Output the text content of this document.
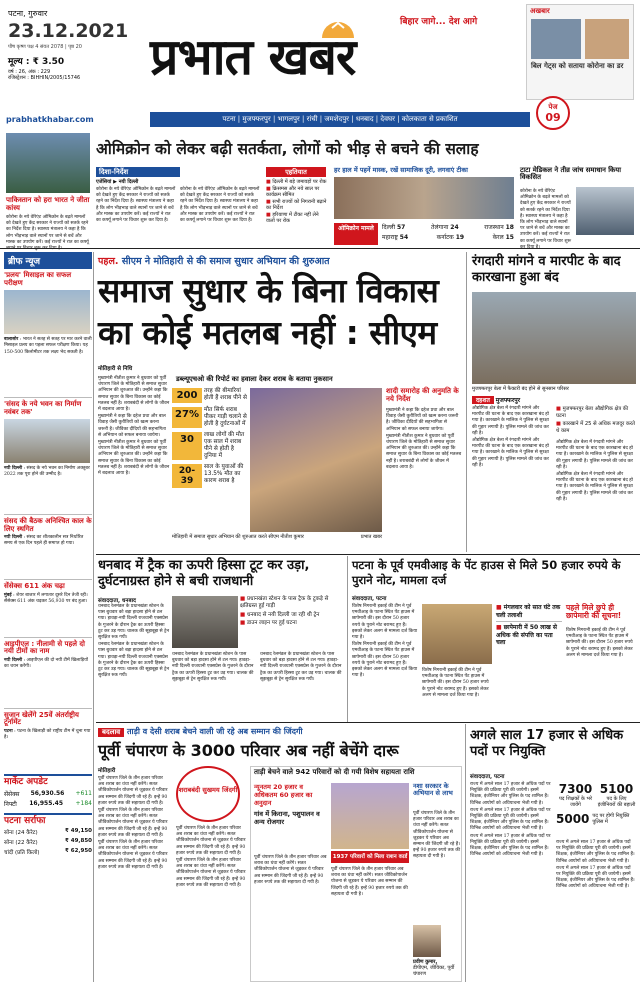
पटना, गुरुवार
23.12.2021
पौष कृष्ण पक्ष 4 संवत 2078 | पृष्ठ 20
मूल्य : ₹ 3.50
वर्ष : 26, अंक : 229
रजिस्ट्रेशन : BIHHIN/2005/15746
बिहार जागे... देश आगे
प्रभात खबर
पेज
09
अखबार
बिल गेट्स को सताया कोरोना का डर
prabhatkhabar.com	पटना | मुजफ्फरपुर | भागलपुर | रांची | जमशेदपुर | धनबाद | देवघर | कोलकाता से प्रकाशित
ओमिक्रोन को लेकर बढ़ी सतर्कता, लोगों को भीड़ से बचने की सलाह
पाकिस्तान को हरा भारत ने जीता कांस्य
कोरोना के नये वेरिएंट ओमिक्रोन के बढ़ते मामलों को देखते हुए केंद्र सरकार ने राज्यों को सतर्क रहने का निर्देश दिया है। स्वास्थ्य मंत्रालय ने कहा है कि लोग भीड़भाड़ वाले स्थानों पर जाने से बचें और मास्क का उपयोग करें। कई राज्यों ने रात का कर्फ्यू
दिशा-निर्देश
एजेंसियां ▶ नयी दिल्ली
कोरोना के नये वेरिएंट ओमिक्रोन के बढ़ते मामलों को देखते हुए केंद्र सरकार ने राज्यों को सतर्क रहने का निर्देश दिया है। स्वास्थ्य मंत्रालय ने कहा है कि लोग भीड़भाड़ वाले स्थानों पर जाने से बचें और मास्क का उपयोग करें। कई राज्यों ने रात का कर्फ्यू लगाने पर विचार शुरू कर दिया है।
कोरोना के नये वेरिएंट ओमिक्रोन के बढ़ते मामलों को देखते हुए केंद्र सरकार ने राज्यों को सतर्क रहने का निर्देश दिया है। स्वास्थ्य मंत्रालय ने कहा है कि लोग भीड़भाड़ वाले स्थानों पर जाने से बचें और मास्क का उपयोग करें। कई राज्यों ने रात का कर्फ्यू लगाने पर विचार शुरू कर दिया है।
एहतियात
■ दिल्ली में बड़े जमावड़ों पर रोक
■ क्रिसमस और नये साल पर कार्यक्रम सीमित
■ सभी राज्यों को निगरानी बढ़ाने का निर्देश
■ हरियाणा में टीका नहीं लेने वालों पर रोक
हर हाल में पहनें मास्क, रखें सामाजिक दूरी, लगवाएं टीका
ओमिक्रोन मामले	दिल्ली 57	तेलंगाना 24	राजस्थान 18
महाराष्ट्र 54	कर्नाटक 19	केरल 15
टाटा मेडिकल ने तीव्र जांच समाधान किया विकसित
कोरोना के नये वेरिएंट ओमिक्रोन के बढ़ते मामलों को देखते हुए केंद्र सरकार ने राज्यों को सतर्क रहने का निर्देश दिया है। स्वास्थ्य मंत्रालय ने कहा है कि लोग भीड़भाड़ वाले स्थानों पर जाने से बचें और मास्क का उपयोग करें। कई राज्यों ने रात का कर्फ्यू लगाने पर विचार शुरू
ब्रीफ न्यूज
'प्रलय' मिसाइल का सफल परीक्षण
बालासोर : भारत ने सतह से सतह पर मार करने वाली मिसाइल प्रलय का पहला सफल परीक्षण किया। यह 150-500 किलोमीटर तक लक्ष्य भेद सकती है।
'संसद के नये भवन का निर्माण नवंबर तक'
नयी दिल्ली : संसद के नये भवन का निर्माण अक्तूबर 2022 तक पूरा होने की उम्मीद है।
संसद की बैठक अनिश्चित काल के लिए स्थगित
नयी दिल्ली : संसद का शीतकालीन सत्र निर्धारित समय से एक दिन पहले ही समाप्त हो गया।
सेंसेक्स 611 अंक चढ़ा
मुंबई : शेयर बाजार में लगातार दूसरे दिन तेजी रही। सेंसेक्स 611 अंक चढ़कर 56,930 पर बंद हुआ।
आइपीएल : नीलामी से पहले दो नयी टीमों का नाम
नयी दिल्ली : आइपीएल की दो नयी टीमें खिलाड़ियों का चयन करेंगी।
सुजान खेलेंगे 25वें अंतर्राष्ट्रीय टूर्नामेंट
पटना : पटना के खिलाड़ी को राष्ट्रीय टीम में चुना गया है।
मार्केट अपडेट
सेंसेक्स 56,930.56 +611
निफ्टी 16,955.45 +184
पटना सर्राफा
सोना (24 कैरेट)	₹ 49,150
सोना (22 कैरेट)	₹ 49,850
चांदी (प्रति किलो)	₹ 62,950
पहल. सीएम ने मोतिहारी से की समाज सुधार अभियान की शुरुआत
समाज सुधार के बिना विकास का कोई मतलब नहीं : सीएम
मोतिहारी से निधि
डब्ल्यूएचओ की रिपोर्ट का हवाला देकर शराब के बताया नुकसान
200	तरह की बीमारियां होती हैं शराब पीने से
27% मौत सिर्फ शराब पीकर गाड़ी चलाने से होती है दुर्घटनाओं में
30	लाख लोगों की मौत एक साल में शराब पीने से होती है दुनिया में
20-39
साल के युवाओं की 13.5% मौत का कारण शराब है
मोतिहारी में समाज सुधार अभियान की शुरुआत करते सीएम नीतीश कुमार	प्रभात खबर

मुख्यमंत्री नीतीश कुमार ने बुधवार को पूर्वी चंपारण जिले के मोतिहारी से समाज सुधार अभियान की शुरुआत की। उन्होंने कहा कि समाज सुधार के बिना विकास का कोई मतलब नहीं है। शराबबंदी से लोगों के जीवन में बदलाव आया है।

मुख्यमंत्री ने कहा कि दहेज प्रथा और बाल विवाह जैसी कुरीतियों को खत्म करना जरूरी है। जीविका दीदियों की सहभागिता से अभियान को सफल बनाया जायेगा।

मुख्यमंत्री नीतीश कुमार ने बुधवार को पूर्वी चंपारण जिले के मोतिहारी से समाज सुधार अभियान की शुरुआत की। उन्होंने कहा कि समाज सुधार के बिना विकास का कोई मतलब नहीं है। शराबबंदी से लोगों के जीवन में बदलाव आया है।

शादी समारोह की अनुमति के नये निर्देश

मुख्यमंत्री ने कहा कि दहेज प्रथा और बाल विवाह जैसी कुरीतियों को खत्म करना जरूरी है। जीविका दीदियों की सहभागिता से अभियान को सफल बनाया जायेगा।

मुख्यमंत्री नीतीश कुमार ने बुधवार को पूर्वी चंपारण जिले के मोतिहारी से समाज सुधार अभियान की शुरुआत की। उन्होंने कहा कि समाज सुधार के बिना विकास का कोई मतलब नहीं है। शराबबंदी से लोगों के जीवन में बदलाव आया है।

रंगदारी मांगने व मारपीट के बाद कारखाना हुआ बंद
मुजफ्फरपुर बेला में फैक्टरी बंद होने से सुनसान परिसर
दहशत मुजफ्फरपुर
■ मुजफ्फरपुर बेला औद्योगिक क्षेत्र की घटना
■ कारखाने में 25 से अधिक मजदूर करते थे काम

औद्योगिक क्षेत्र बेला में रंगदारी मांगने और मारपीट की घटना के बाद एक कारखाना बंद हो गया है। कारखाने के मालिक ने पुलिस से सुरक्षा की गुहार लगायी है। पुलिस मामले की जांच कर रही है।

औद्योगिक क्षेत्र बेला में रंगदारी मांगने और मारपीट की घटना के बाद एक कारखाना बंद हो गया है। कारखाने के मालिक ने पुलिस से सुरक्षा की गुहार लगायी है। पुलिस मामले की जांच कर रही है।

औद्योगिक क्षेत्र बेला में रंगदारी मांगने और मारपीट की घटना के बाद एक कारखाना बंद हो गया है। कारखाने के मालिक ने पुलिस से सुरक्षा की गुहार लगायी है। पुलिस मामले की जांच कर रही है।

औद्योगिक क्षेत्र बेला में रंगदारी मांगने और मारपीट की घटना के बाद एक कारखाना बंद हो गया है। कारखाने के मालिक ने पुलिस से सुरक्षा की गुहार लगायी है। पुलिस मामले की जांच कर रही है।

धनबाद में ट्रैक का ऊपरी हिस्सा टूट कर उड़ा, दुर्घटनाग्रस्त होने से बची राजधानी
संवाददाता, धनबाद	■ प्रधानखंता स्टेशन के पास ट्रैक के टुकड़े से क्षतिग्रस्त हुई गाड़ी
■ धनबाद से नयी दिल्ली जा रही थी ट्रेन
■ डाउन लाइन पर हुई घटना

धनबाद रेलमंडल के प्रधानखंता स्टेशन के पास बुधवार को बड़ा हादसा होने से टल गया। हावड़ा-नयी दिल्ली राजधानी एक्सप्रेस के गुजरने के दौरान ट्रैक का ऊपरी हिस्सा टूट कर उड़ गया। चालक की सूझबूझ से ट्रेन सुरक्षित रुक गयी।

धनबाद रेलमंडल के प्रधानखंता स्टेशन के पास बुधवार को बड़ा हादसा होने से टल गया। हावड़ा-नयी दिल्ली राजधानी एक्सप्रेस के गुजरने के दौरान ट्रैक का ऊपरी हिस्सा टूट कर उड़ गया। चालक की सूझबूझ से ट्रेन सुरक्षित रुक गयी।

धनबाद रेलमंडल के प्रधानखंता स्टेशन के पास बुधवार को बड़ा हादसा होने से टल गया। हावड़ा-नयी दिल्ली राजधानी एक्सप्रेस के गुजरने के दौरान ट्रैक का ऊपरी हिस्सा टूट कर उड़ गया। चालक की सूझबूझ से ट्रेन सुरक्षित रुक गयी।

धनबाद रेलमंडल के प्रधानखंता स्टेशन के पास बुधवार को बड़ा हादसा होने से टल गया। हावड़ा-नयी दिल्ली राजधानी एक्सप्रेस के गुजरने के दौरान ट्रैक का ऊपरी हिस्सा टूट कर उड़ गया। चालक की सूझबूझ से ट्रेन सुरक्षित रुक गयी।

पटना के पूर्व एमवीआइ के पेंट हाउस से मिले 50 हजार रुपये के पुराने नोट, मामला दर्ज
संवाददाता, पटना

विशेष निगरानी इकाई की टीम ने पूर्व एमवीआइ के पटना स्थित पेंट हाउस में छापेमारी की। इस दौरान 50 हजार रुपये के पुराने नोट बरामद हुए हैं। इसको लेकर अलग से मामला दर्ज किया गया है।

विशेष निगरानी इकाई की टीम ने पूर्व एमवीआइ के पटना स्थित पेंट हाउस में छापेमारी की। इस दौरान 50 हजार रुपये के पुराने नोट बरामद हुए हैं। इसको लेकर अलग से मामला दर्ज किया गया है।

विशेष निगरानी इकाई की टीम ने पूर्व एमवीआइ के पटना स्थित पेंट हाउस में छापेमारी की। इस दौरान 50 हजार रुपये के पुराने नोट बरामद हुए हैं। इसको लेकर अलग से मामला दर्ज किया गया है।

■ मंगलवार को सात घंटे तक चली तलाशी
■ छापेमारी में 50 लाख से अधिक की संपत्ति का पता चला
पहले मिले छुपे ही छापेमारी की सूचना!

विशेष निगरानी इकाई की टीम ने पूर्व एमवीआइ के पटना स्थित पेंट हाउस में छापेमारी की। इस दौरान 50 हजार रुपये के पुराने नोट बरामद हुए हैं। इसको लेकर अलग से मामला दर्ज किया गया है।

बदलाव ताड़ी व देसी शराब बेचने वाली जी रहे अब सम्मान की जिंदगी
पूर्वी चंपारण के 3000 परिवार अब नहीं बेचेंगे दारू
मोतिहारी

पूर्वी चंपारण जिले के तीन हजार परिवार अब शराब का धंधा नहीं करेंगे। सतत जीविकोपार्जन योजना से जुड़कर ये परिवार अब सम्मान की जिंदगी जी रहे हैं। इन्हें 90 हजार रुपये तक की सहायता दी गयी है।

पूर्वी चंपारण जिले के तीन हजार परिवार अब शराब का धंधा नहीं करेंगे। सतत जीविकोपार्जन योजना से जुड़कर ये परिवार अब सम्मान की जिंदगी जी रहे हैं। इन्हें 90 हजार रुपये तक की सहायता दी गयी है।

पूर्वी चंपारण जिले के तीन हजार परिवार अब शराब का धंधा नहीं करेंगे। सतत जीविकोपार्जन योजना से जुड़कर ये परिवार अब सम्मान की जिंदगी जी रहे हैं। इन्हें 90 हजार रुपये तक की सहायता दी गयी है।

शराबबंदी सुखमय जिंदगी

पूर्वी चंपारण जिले के तीन हजार परिवार अब शराब का धंधा नहीं करेंगे। सतत जीविकोपार्जन योजना से जुड़कर ये परिवार अब सम्मान की जिंदगी जी रहे हैं। इन्हें 90 हजार रुपये तक की सहायता दी गयी है।

पूर्वी चंपारण जिले के तीन हजार परिवार अब शराब का धंधा नहीं करेंगे। सतत जीविकोपार्जन योजना से जुड़कर ये परिवार अब सम्मान की जिंदगी जी रहे हैं। इन्हें 90 हजार रुपये तक की सहायता दी गयी है।

ताड़ी बेचने वाले 942 परिवारों को दी गयी विशेष सहायता राशि
न्यूनतम 20 हजार व अधिकतम 60 हजार का अनुदान
गांव में किराना, पशुपालन व अन्य रोजगार

पूर्वी चंपारण जिले के तीन हजार परिवार अब शराब का धंधा नहीं करेंगे। सतत जीविकोपार्जन योजना से जुड़कर ये परिवार अब सम्मान की जिंदगी जी रहे हैं। इन्हें 90 हजार रुपये तक की सहायता दी गयी है।

1937 परिवारों को मिला राशन कार्ड

पूर्वी चंपारण जिले के तीन हजार परिवार अब शराब का धंधा नहीं करेंगे। सतत जीविकोपार्जन योजना से जुड़कर ये परिवार अब सम्मान की जिंदगी जी रहे हैं। इन्हें 90 हजार रुपये तक की सहायता दी गयी है।

नशा सरकार के अभियान से लाभ

पूर्वी चंपारण जिले के तीन हजार परिवार अब शराब का धंधा नहीं करेंगे। सतत जीविकोपार्जन योजना से जुड़कर ये परिवार अब सम्मान की जिंदगी जी रहे हैं। इन्हें 90 हजार रुपये तक की सहायता दी गयी है।

प्रवीण कुमार,
डीपीएम, जीविका, पूर्वी चंपारण
अगले साल 17 हजार से अधिक पदों पर नियुक्ति
संवाददाता, पटना
7300
पद शिक्षकों के भरे जायेंगे
5100
पद के लिए इंजीनियरों की बहाली
5000 पद पर होगी नियुक्ति पुलिस में

राज्य में अगले साल 17 हजार से अधिक पदों पर नियुक्ति की प्रक्रिया पूरी की जायेगी। इसमें शिक्षक, इंजीनियर और पुलिस के पद शामिल हैं। विभिन्न आयोगों को अधियाचना भेजी गयी है।

राज्य में अगले साल 17 हजार से अधिक पदों पर नियुक्ति की प्रक्रिया पूरी की जायेगी। इसमें शिक्षक, इंजीनियर और पुलिस के पद शामिल हैं। विभिन्न आयोगों को अधियाचना भेजी गयी है।

राज्य में अगले साल 17 हजार से अधिक पदों पर नियुक्ति की प्रक्रिया पूरी की जायेगी। इसमें शिक्षक, इंजीनियर और पुलिस के पद शामिल हैं। विभिन्न आयोगों को अधियाचना भेजी गयी है।

राज्य में अगले साल 17 हजार से अधिक पदों पर नियुक्ति की प्रक्रिया पूरी की जायेगी। इसमें शिक्षक, इंजीनियर और पुलिस के पद शामिल हैं। विभिन्न आयोगों को अधियाचना भेजी गयी है।

राज्य में अगले साल 17 हजार से अधिक पदों पर नियुक्ति की प्रक्रिया पूरी की जायेगी। इसमें शिक्षक, इंजीनियर और पुलिस के पद शामिल हैं। विभिन्न आयोगों को अधियाचना भेजी गयी है।
